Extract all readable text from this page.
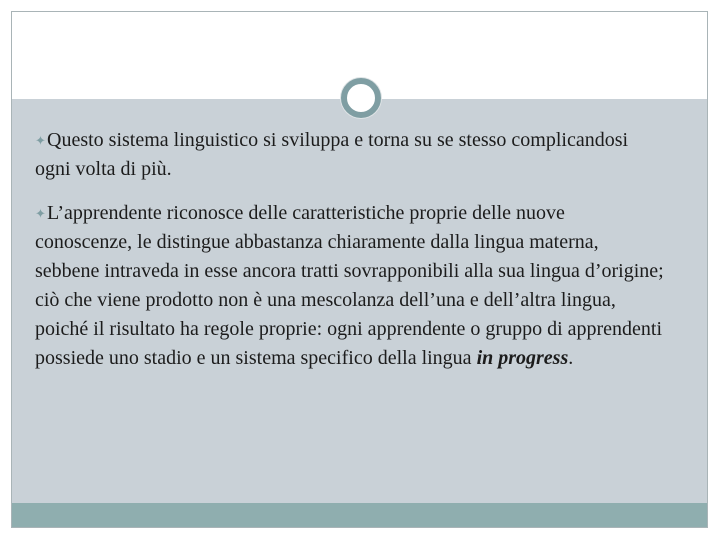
✦Questo sistema linguistico si sviluppa e torna su se stesso complicandosi ogni volta di più.

✦L’apprendente riconosce delle caratteristiche proprie delle nuove conoscenze, le distingue abbastanza chiaramente dalla lingua materna, sebbene intraveda in esse ancora tratti sovrapponibili alla sua lingua d’origine; ciò che viene prodotto non è una mescolanza dell’una e dell’altra lingua, poiché il risultato ha regole proprie: ogni apprendente o gruppo di apprendenti possiede uno stadio e un sistema specifico della lingua in progress.
